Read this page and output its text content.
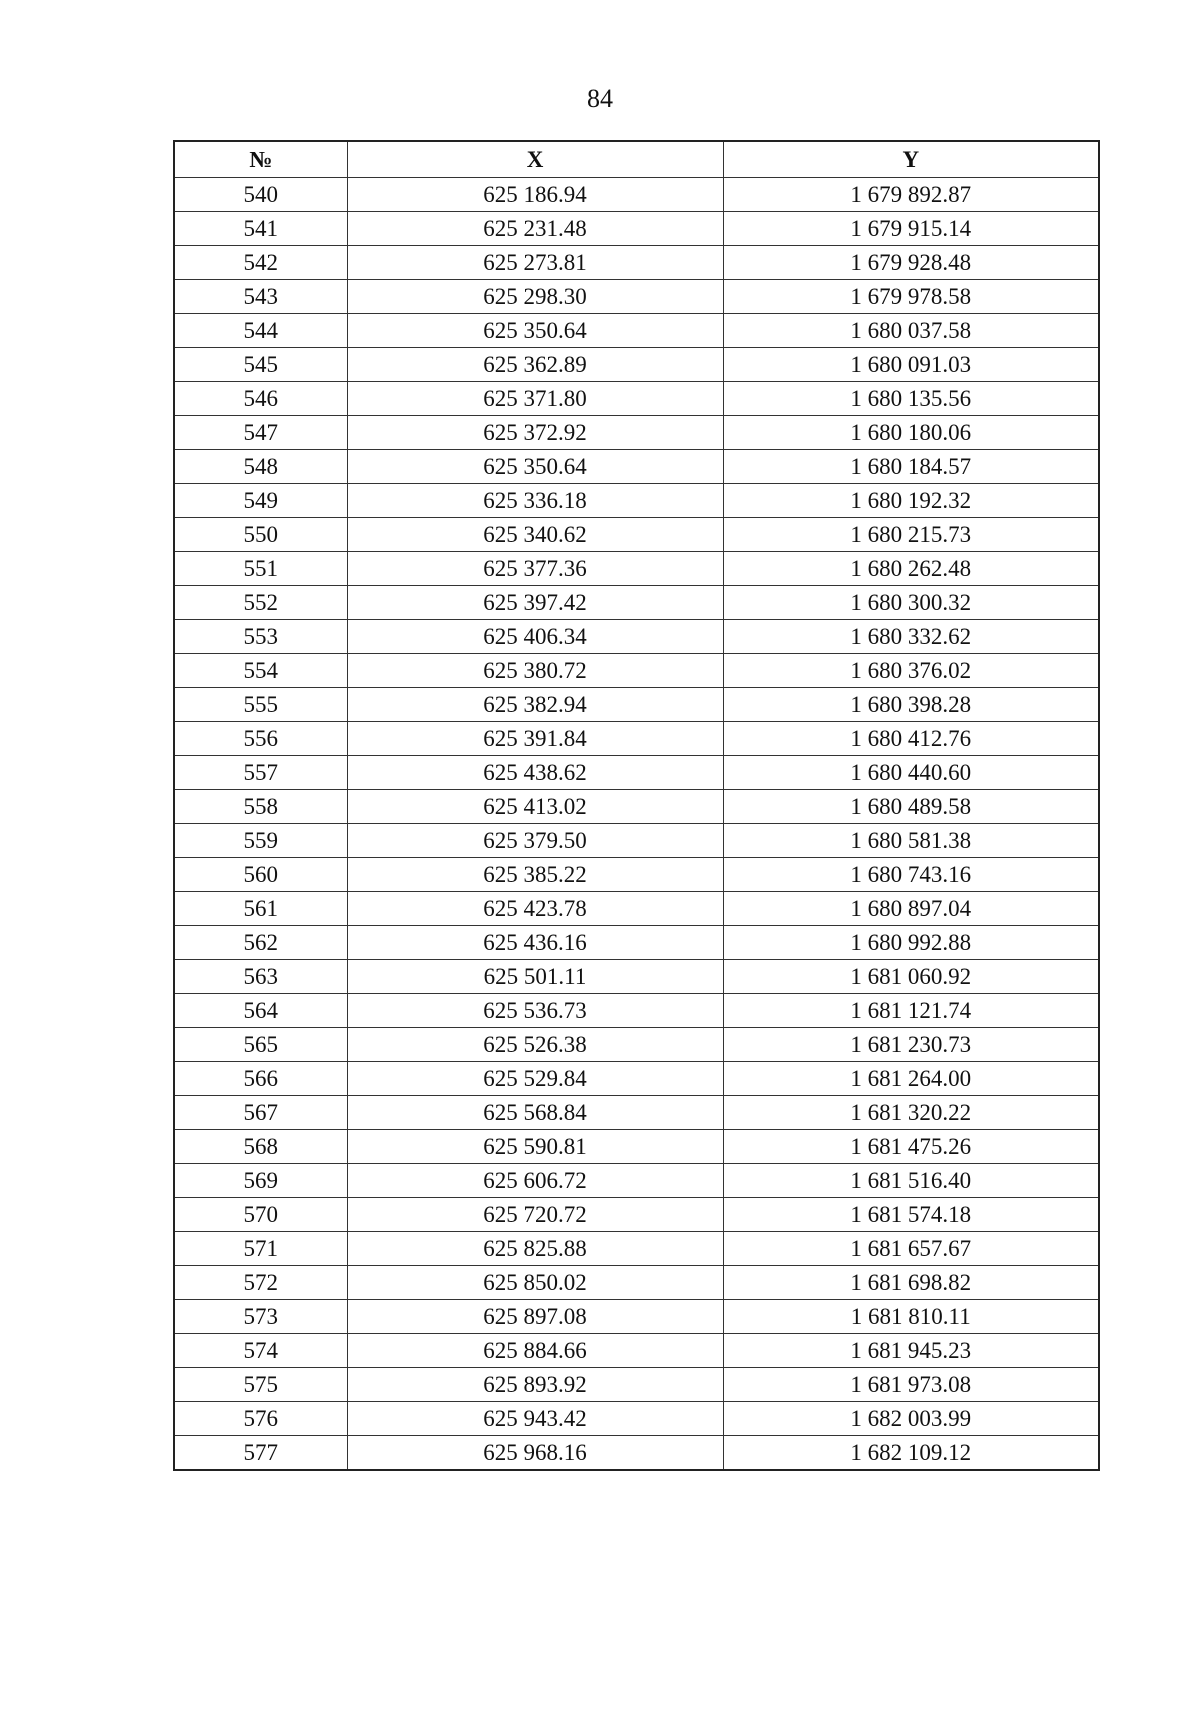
84
№	X	Y
540	625 186.94	1 679 892.87
541	625 231.48	1 679 915.14
542	625 273.81	1 679 928.48
543	625 298.30	1 679 978.58
544	625 350.64	1 680 037.58
545	625 362.89	1 680 091.03
546	625 371.80	1 680 135.56
547	625 372.92	1 680 180.06
548	625 350.64	1 680 184.57
549	625 336.18	1 680 192.32
550	625 340.62	1 680 215.73
551	625 377.36	1 680 262.48
552	625 397.42	1 680 300.32
553	625 406.34	1 680 332.62
554	625 380.72	1 680 376.02
555	625 382.94	1 680 398.28
556	625 391.84	1 680 412.76
557	625 438.62	1 680 440.60
558	625 413.02	1 680 489.58
559	625 379.50	1 680 581.38
560	625 385.22	1 680 743.16
561	625 423.78	1 680 897.04
562	625 436.16	1 680 992.88
563	625 501.11	1 681 060.92
564	625 536.73	1 681 121.74
565	625 526.38	1 681 230.73
566	625 529.84	1 681 264.00
567	625 568.84	1 681 320.22
568	625 590.81	1 681 475.26
569	625 606.72	1 681 516.40
570	625 720.72	1 681 574.18
571	625 825.88	1 681 657.67
572	625 850.02	1 681 698.82
573	625 897.08	1 681 810.11
574	625 884.66	1 681 945.23
575	625 893.92	1 681 973.08
576	625 943.42	1 682 003.99
577	625 968.16	1 682 109.12
